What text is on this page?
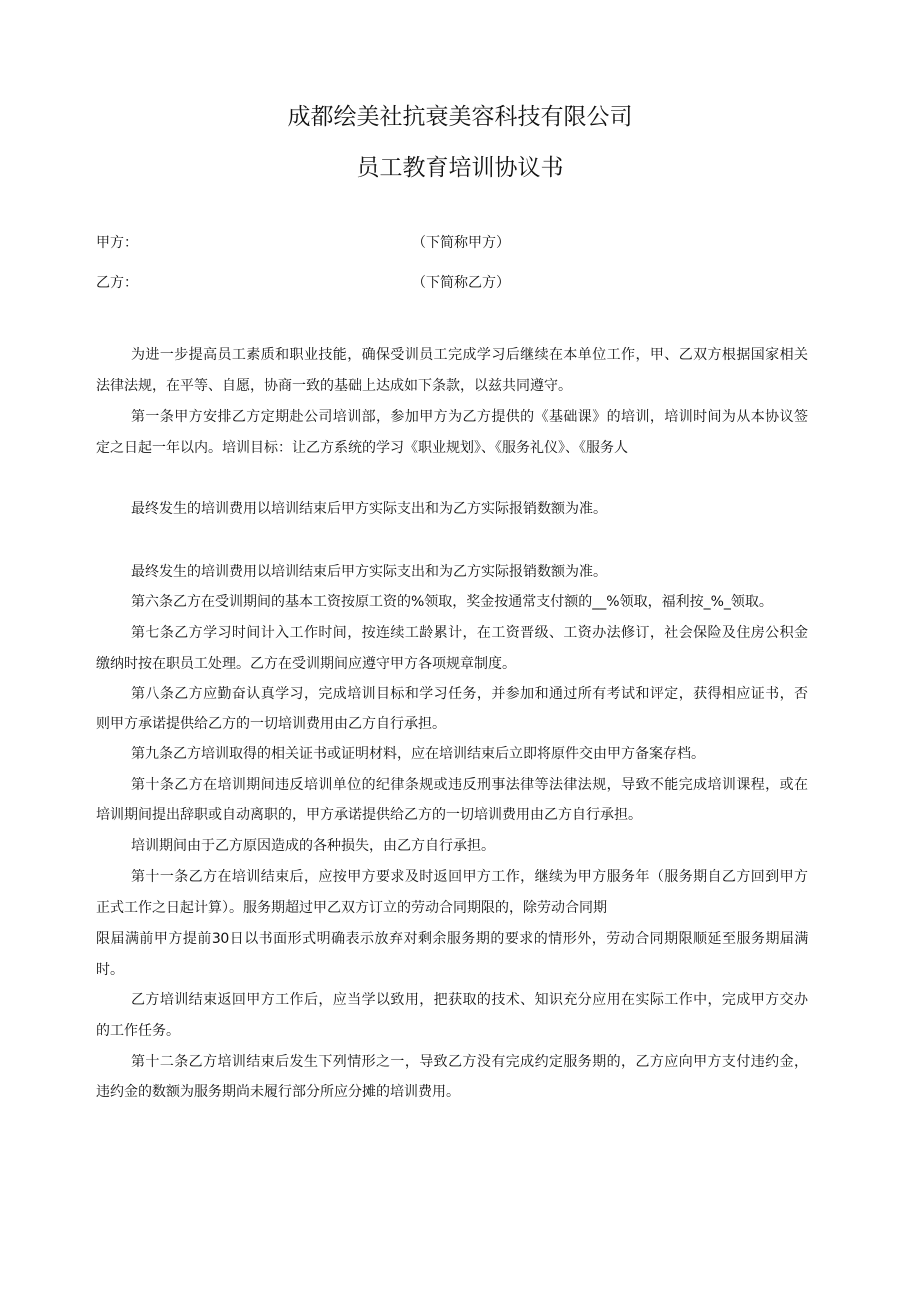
成都绘美社抗衰美容科技有限公司
员工教育培训协议书
甲方：	（下简称甲方）
乙方：	（下简称乙方）
为进一步提高员工素质和职业技能，确保受训员工完成学习后继续在本单位工作，甲、乙双方根据国家相关
法律法规，在平等、自愿，协商一致的基础上达成如下条款，以兹共同遵守。
第一条甲方安排乙方定期赴公司培训部，参加甲方为乙方提供的《基础课》的培训，培训时间为从本协议签
定之日起一年以内。培训目标：让乙方系统的学习《职业规划》、《服务礼仪》、《服务人
最终发生的培训费用以培训结束后甲方实际支出和为乙方实际报销数额为准。
最终发生的培训费用以培训结束后甲方实际支出和为乙方实际报销数额为准。
第六条乙方在受训期间的基本工资按原工资的%领取，奖金按通常支付额的__%领取，福利按_%_领取。
第七条乙方学习时间计入工作时间，按连续工龄累计，在工资晋级、工资办法修订，社会保险及住房公积金
缴纳时按在职员工处理。乙方在受训期间应遵守甲方各项规章制度。
第八条乙方应勤奋认真学习，完成培训目标和学习任务，并参加和通过所有考试和评定，获得相应证书，否
则甲方承诺提供给乙方的一切培训费用由乙方自行承担。
第九条乙方培训取得的相关证书或证明材料，应在培训结束后立即将原件交由甲方备案存档。
第十条乙方在培训期间违反培训单位的纪律条规或违反刑事法律等法律法规，导致不能完成培训课程，或在
培训期间提出辞职或自动离职的，甲方承诺提供给乙方的一切培训费用由乙方自行承担。
培训期间由于乙方原因造成的各种损失，由乙方自行承担。
第十一条乙方在培训结束后，应按甲方要求及时返回甲方工作，继续为甲方服务年（服务期自乙方回到甲方
正式工作之日起计算）。服务期超过甲乙双方订立的劳动合同期限的，除劳动合同期
限届满前甲方提前30日以书面形式明确表示放弃对剩余服务期的要求的情形外，劳动合同期限顺延至服务期届满
时。
乙方培训结束返回甲方工作后，应当学以致用，把获取的技术、知识充分应用在实际工作中，完成甲方交办
的工作任务。
第十二条乙方培训结束后发生下列情形之一，导致乙方没有完成约定服务期的，乙方应向甲方支付违约金，
违约金的数额为服务期尚未履行部分所应分摊的培训费用。
